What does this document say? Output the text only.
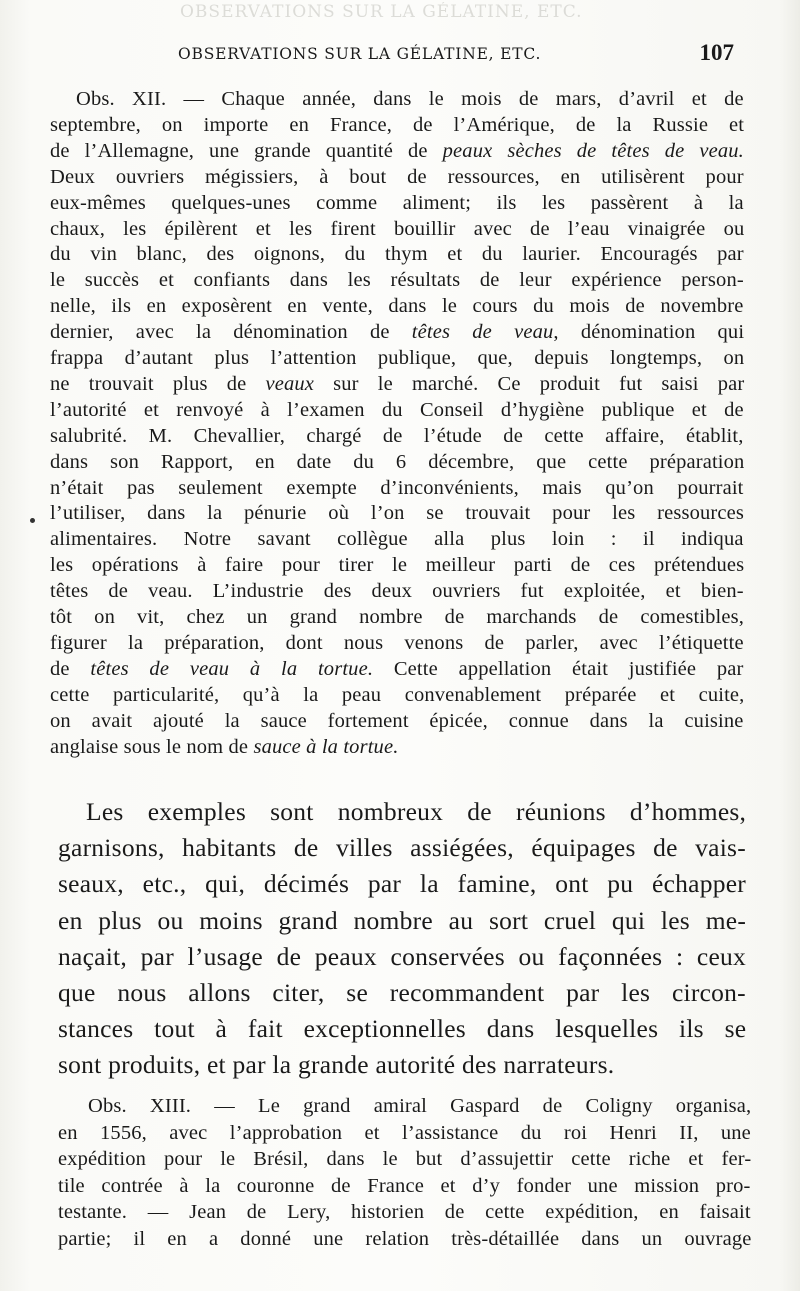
OBSERVATIONS SUR LA GÉLATINE, ETC.
OBSERVATIONS SUR LA GÉLATINE, ETC.	107
Obs. XII. — Chaque année, dans le mois de mars, d’avril et de
septembre, on importe en France, de l’Amérique, de la Russie et
de l’Allemagne, une grande quantité de peaux sèches de têtes de veau.
Deux ouvriers mégissiers, à bout de ressources, en utilisèrent pour
eux-mêmes quelques-unes comme aliment; ils les passèrent à la
chaux, les épilèrent et les firent bouillir avec de l’eau vinaigrée ou
du vin blanc, des oignons, du thym et du laurier. Encouragés par
le succès et confiants dans les résultats de leur expérience person-
nelle, ils en exposèrent en vente, dans le cours du mois de novembre
dernier, avec la dénomination de têtes de veau, dénomination qui
frappa d’autant plus l’attention publique, que, depuis longtemps, on
ne trouvait plus de veaux sur le marché. Ce produit fut saisi par
l’autorité et renvoyé à l’examen du Conseil d’hygiène publique et de
salubrité. M. Chevallier, chargé de l’étude de cette affaire, établit,
dans son Rapport, en date du 6 décembre, que cette préparation
n’était pas seulement exempte d’inconvénients, mais qu’on pourrait
l’utiliser, dans la pénurie où l’on se trouvait pour les ressources
alimentaires. Notre savant collègue alla plus loin : il indiqua
les opérations à faire pour tirer le meilleur parti de ces prétendues
têtes de veau. L’industrie des deux ouvriers fut exploitée, et bien-
tôt on vit, chez un grand nombre de marchands de comestibles,
figurer la préparation, dont nous venons de parler, avec l’étiquette
de têtes de veau à la tortue. Cette appellation était justifiée par
cette particularité, qu’à la peau convenablement préparée et cuite,
on avait ajouté la sauce fortement épicée, connue dans la cuisine
anglaise sous le nom de sauce à la tortue.
Les exemples sont nombreux de réunions d’hommes,
garnisons, habitants de villes assiégées, équipages de vais-
seaux, etc., qui, décimés par la famine, ont pu échapper
en plus ou moins grand nombre au sort cruel qui les me-
naçait, par l’usage de peaux conservées ou façonnées : ceux
que nous allons citer, se recommandent par les circon-
stances tout à fait exceptionnelles dans lesquelles ils se
sont produits, et par la grande autorité des narrateurs.
Obs. XIII. — Le grand amiral Gaspard de Coligny organisa,
en 1556, avec l’approbation et l’assistance du roi Henri II, une
expédition pour le Brésil, dans le but d’assujettir cette riche et fer-
tile contrée à la couronne de France et d’y fonder une mission pro-
testante. — Jean de Lery, historien de cette expédition, en faisait
partie; il en a donné une relation très-détaillée dans un ouvrage
